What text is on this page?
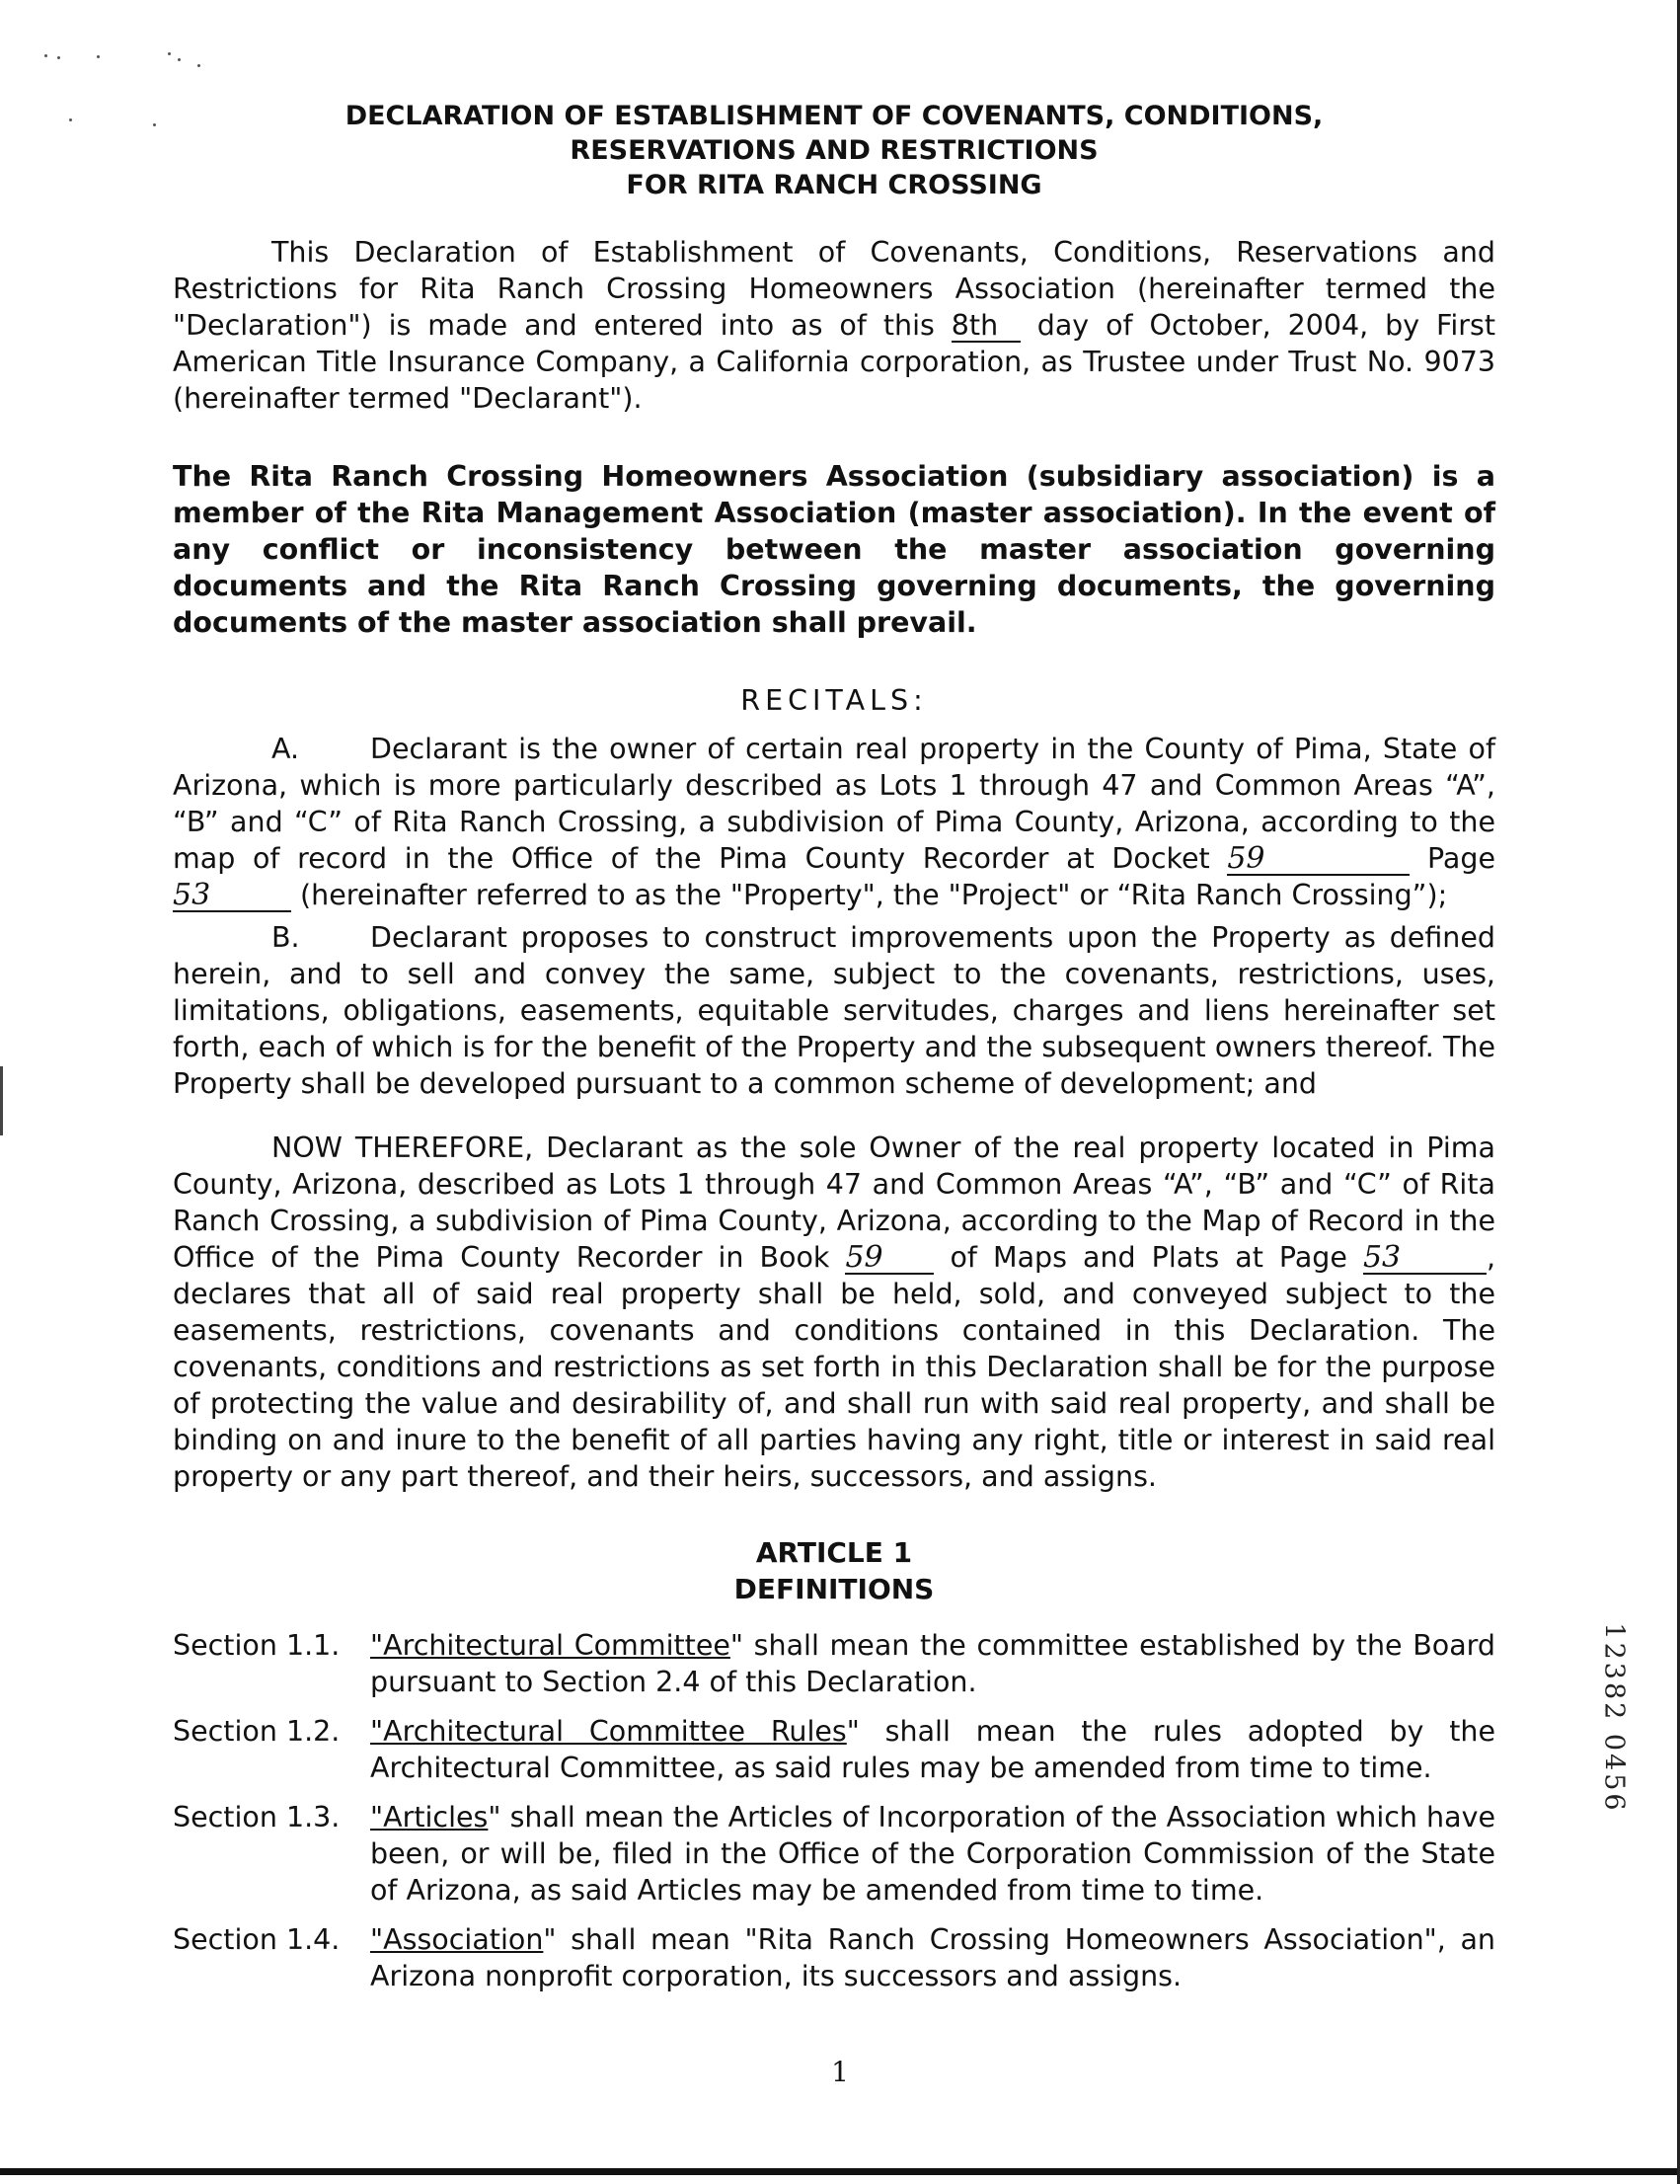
DECLARATION OF ESTABLISHMENT OF COVENANTS, CONDITIONS,
RESERVATIONS AND RESTRICTIONS
FOR RITA RANCH CROSSING

This Declaration of Establishment of Covenants, Conditions, Reservations and Restrictions for Rita Ranch Crossing Homeowners Association (hereinafter termed the "Declaration") is made and entered into as of this 8th day of October, 2004, by First American Title Insurance Company, a California corporation, as Trustee under Trust No. 9073 (hereinafter termed "Declarant").

The Rita Ranch Crossing Homeowners Association (subsidiary association) is a member of the Rita Management Association (master association). In the event of any conflict or inconsistency between the master association governing documents and the Rita Ranch Crossing governing documents, the governing documents of the master association shall prevail.

RECITALS:

A.	Declarant is the owner of certain real property in the County of Pima, State of Arizona, which is more particularly described as Lots 1 through 47 and Common Areas “A”, “B” and “C” of Rita Ranch Crossing, a subdivision of Pima County, Arizona, according to the map of record in the Office of the Pima County Recorder at Docket 59	Page 53	(hereinafter referred to as the "Property", the "Project" or “Rita Ranch Crossing”);

B.	Declarant proposes to construct improvements upon the Property as defined herein, and to sell and convey the same, subject to the covenants, restrictions, uses, limitations, obligations, easements, equitable servitudes, charges and liens hereinafter set forth, each of which is for the benefit of the Property and the subsequent owners thereof. The Property shall be developed pursuant to a common scheme of development; and

NOW THEREFORE, Declarant as the sole Owner of the real property located in Pima County, Arizona, described as Lots 1 through 47 and Common Areas “A”, “B” and “C” of Rita Ranch Crossing, a subdivision of Pima County, Arizona, according to the Map of Record in the Office of the Pima County Recorder in Book 59 of Maps and Plats at Page 53	, declares that all of said real property shall be held, sold, and conveyed subject to the easements, restrictions, covenants and conditions contained in this Declaration. The covenants, conditions and restrictions as set forth in this Declaration shall be for the purpose of protecting the value and desirability of, and shall run with said real property, and shall be binding on and inure to the benefit of all parties having any right, title or interest in said real property or any part thereof, and their heirs, successors, and assigns.

ARTICLE 1
DEFINITIONS
Section 1.1.	"Architectural Committee" shall mean the committee established by the Board pursuant to Section 2.4 of this Declaration.
Section 1.2.	"Architectural Committee Rules" shall mean the rules adopted by the Architectural Committee, as said rules may be amended from time to time.
Section 1.3.	"Articles" shall mean the Articles of Incorporation of the Association which have been, or will be, filed in the Office of the Corporation Commission of the State of Arizona, as said Articles may be amended from time to time.
Section 1.4.	"Association" shall mean "Rita Ranch Crossing Homeowners Association", an Arizona nonprofit corporation, its successors and assigns.
12382 0456
1
